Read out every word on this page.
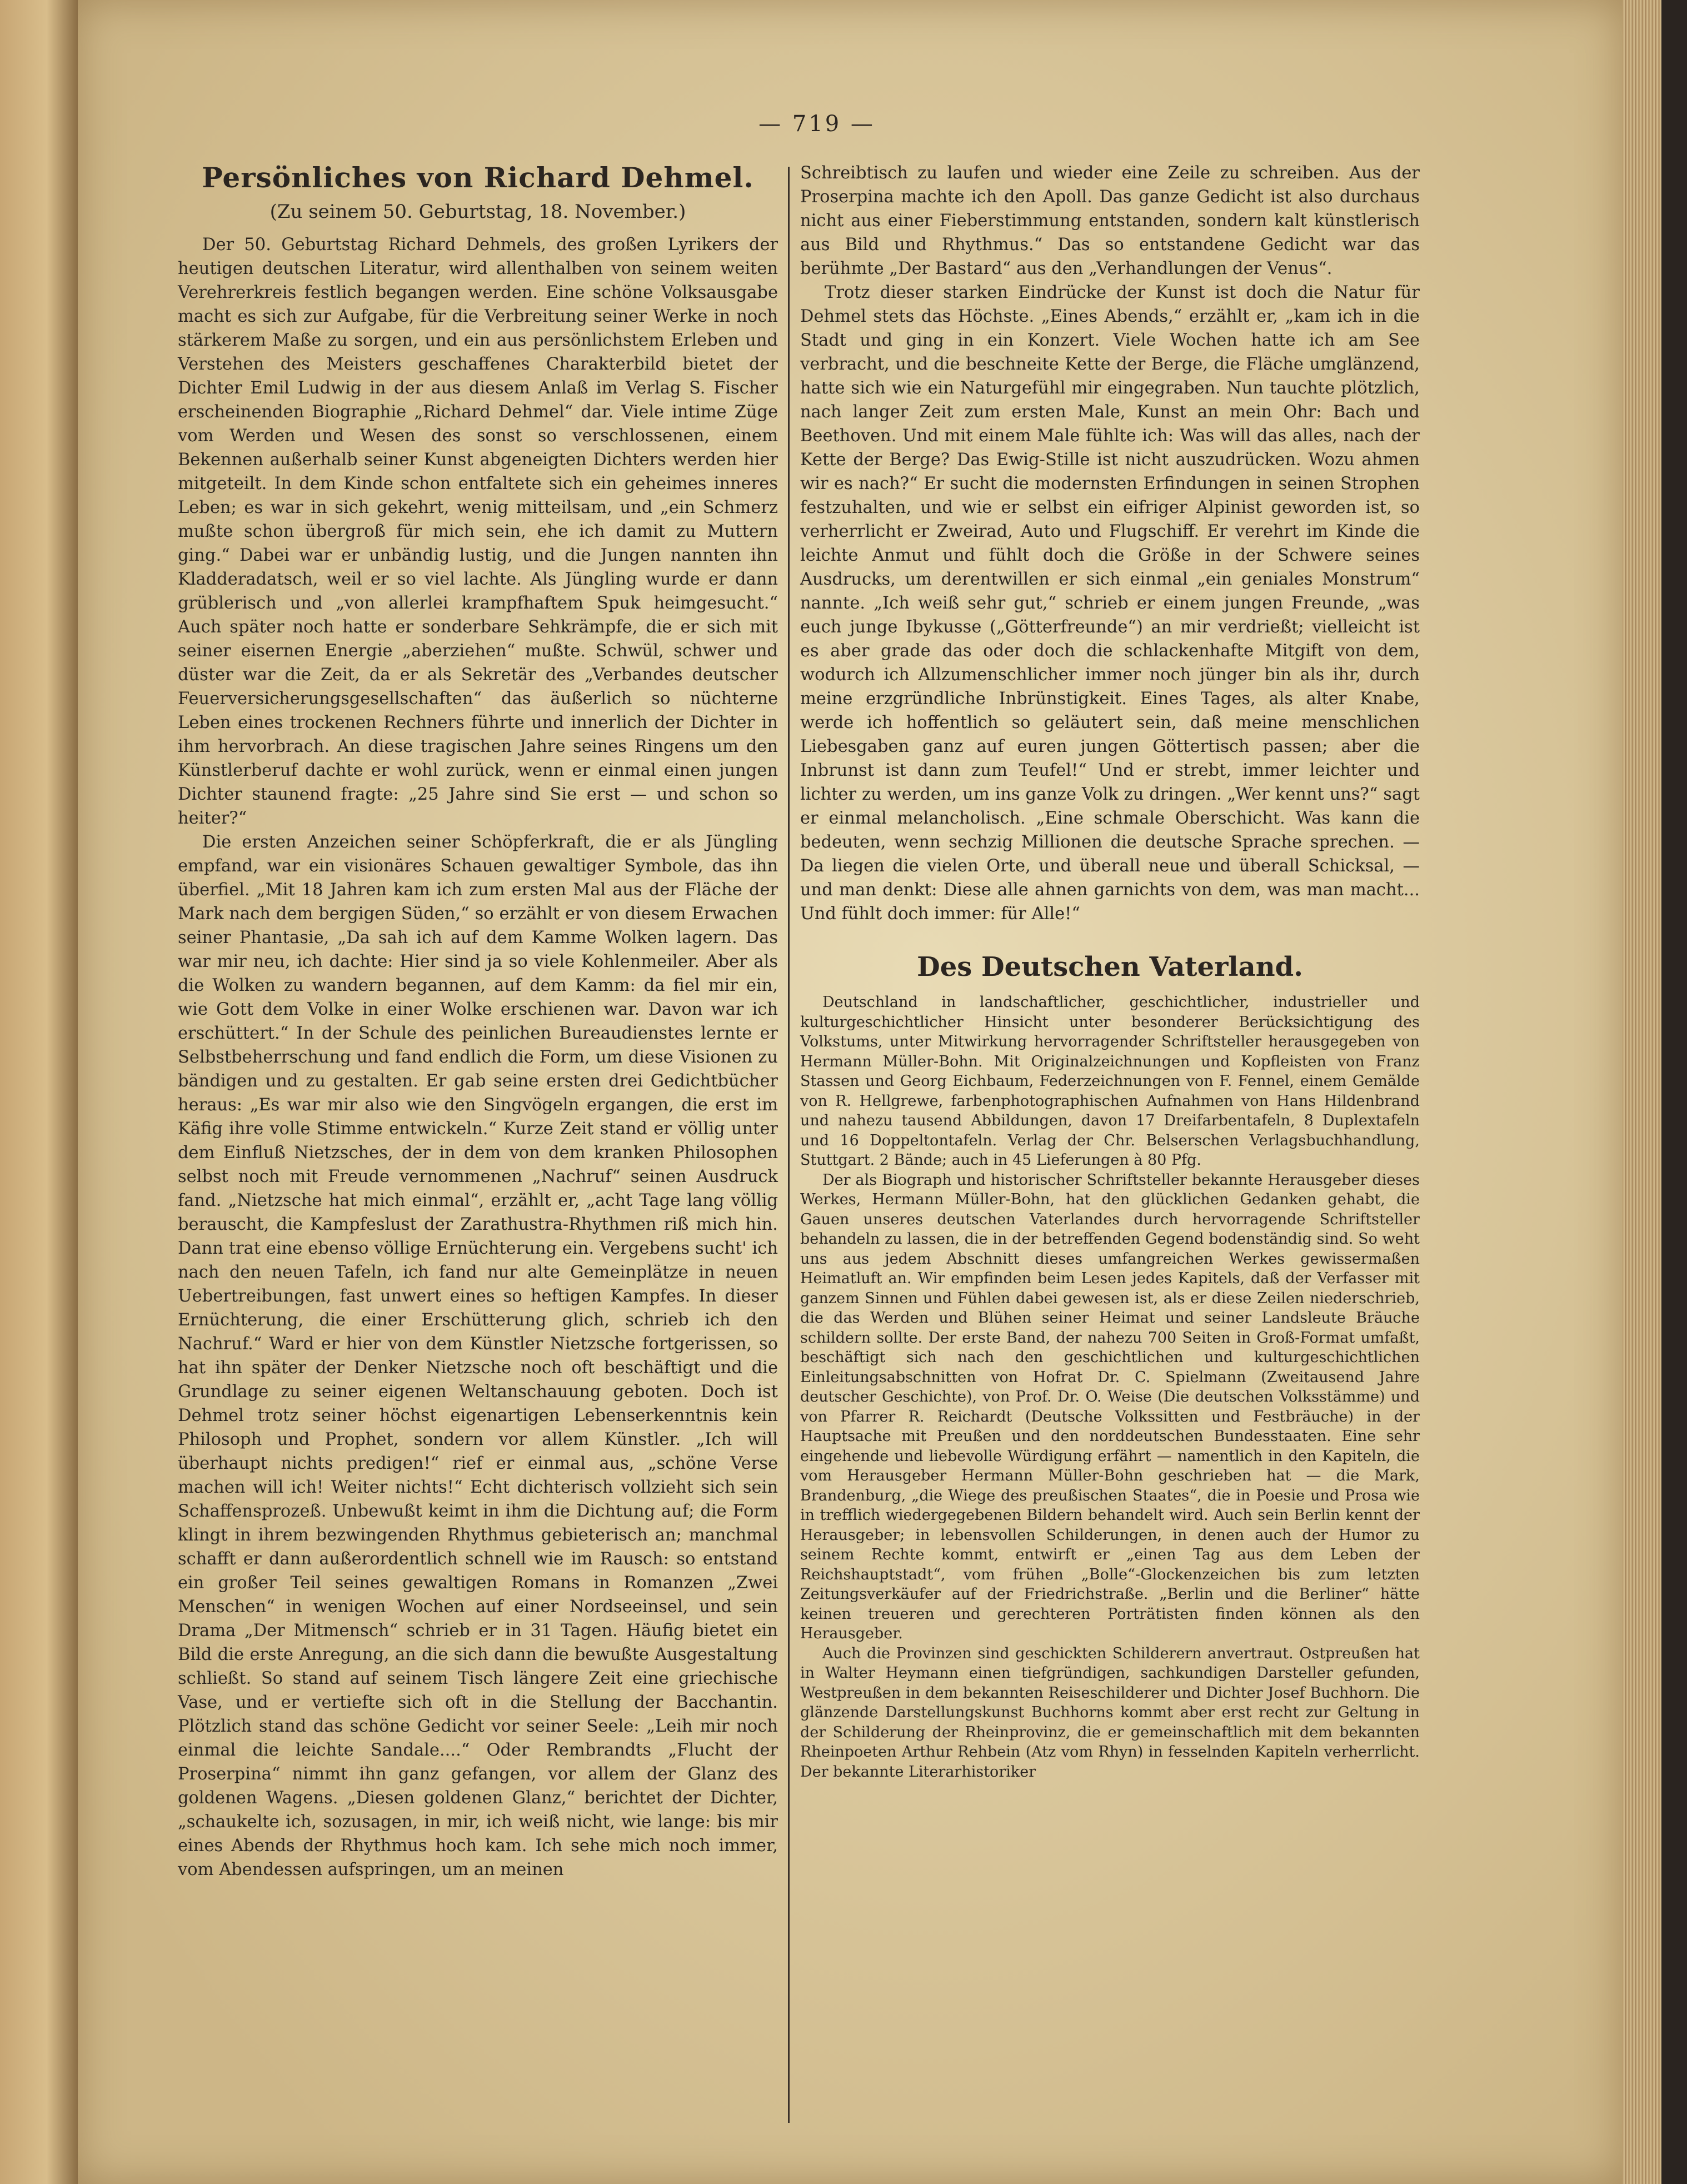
— 719 —
Persönliches von Richard Dehmel.
(Zu seinem 50. Geburtstag, 18. November.)

Der 50. Geburtstag Richard Dehmels, des großen Lyrikers der heutigen deutschen Literatur, wird allenthalben von seinem weiten Verehrerkreis festlich begangen werden. Eine schöne Volksausgabe macht es sich zur Aufgabe, für die Verbreitung seiner Werke in noch stärkerem Maße zu sorgen, und ein aus persönlichstem Erleben und Verstehen des Meisters geschaffenes Charakterbild bietet der Dichter Emil Ludwig in der aus diesem Anlaß im Verlag S. Fischer erscheinenden Biographie „Richard Dehmel“ dar. Viele intime Züge vom Werden und Wesen des sonst so verschlossenen, einem Bekennen außerhalb seiner Kunst abgeneigten Dichters werden hier mitgeteilt. In dem Kinde schon entfaltete sich ein geheimes inneres Leben; es war in sich gekehrt, wenig mitteilsam, und „ein Schmerz mußte schon übergroß für mich sein, ehe ich damit zu Muttern ging.“ Dabei war er unbändig lustig, und die Jungen nannten ihn Kladderadatsch, weil er so viel lachte. Als Jüngling wurde er dann grüblerisch und „von allerlei krampfhaftem Spuk heimgesucht.“ Auch später noch hatte er sonderbare Sehkrämpfe, die er sich mit seiner eisernen Energie „aberziehen“ mußte. Schwül, schwer und düster war die Zeit, da er als Sekretär des „Verbandes deutscher Feuerversicherungsgesellschaften“ das äußerlich so nüchterne Leben eines trockenen Rechners führte und innerlich der Dichter in ihm hervorbrach. An diese tragischen Jahre seines Ringens um den Künstlerberuf dachte er wohl zurück, wenn er einmal einen jungen Dichter staunend fragte: „25 Jahre sind Sie erst — und schon so heiter?“

Die ersten Anzeichen seiner Schöpferkraft, die er als Jüngling empfand, war ein visionäres Schauen gewaltiger Symbole, das ihn überfiel. „Mit 18 Jahren kam ich zum ersten Mal aus der Fläche der Mark nach dem bergigen Süden,“ so erzählt er von diesem Erwachen seiner Phantasie, „Da sah ich auf dem Kamme Wolken lagern. Das war mir neu, ich dachte: Hier sind ja so viele Kohlenmeiler. Aber als die Wolken zu wandern begannen, auf dem Kamm: da fiel mir ein, wie Gott dem Volke in einer Wolke erschienen war. Davon war ich erschüttert.“ In der Schule des peinlichen Bureaudienstes lernte er Selbstbeherrschung und fand endlich die Form, um diese Visionen zu bändigen und zu gestalten. Er gab seine ersten drei Gedichtbücher heraus: „Es war mir also wie den Singvögeln ergangen, die erst im Käfig ihre volle Stimme entwickeln.“ Kurze Zeit stand er völlig unter dem Einfluß Nietzsches, der in dem von dem kranken Philosophen selbst noch mit Freude vernommenen „Nachruf“ seinen Ausdruck fand. „Nietzsche hat mich einmal“, erzählt er, „acht Tage lang völlig berauscht, die Kampfeslust der Zarathustra-Rhythmen riß mich hin. Dann trat eine ebenso völlige Ernüchterung ein. Vergebens sucht' ich nach den neuen Tafeln, ich fand nur alte Gemeinplätze in neuen Uebertreibungen, fast unwert eines so heftigen Kampfes. In dieser Ernüchterung, die einer Erschütterung glich, schrieb ich den Nachruf.“ Ward er hier von dem Künstler Nietzsche fortgerissen, so hat ihn später der Denker Nietzsche noch oft beschäftigt und die Grundlage zu seiner eigenen Weltanschauung geboten. Doch ist Dehmel trotz seiner höchst eigenartigen Lebenserkenntnis kein Philosoph und Prophet, sondern vor allem Künstler. „Ich will überhaupt nichts predigen!“ rief er einmal aus, „schöne Verse machen will ich! Weiter nichts!“ Echt dichterisch vollzieht sich sein Schaffensprozeß. Unbewußt keimt in ihm die Dichtung auf; die Form klingt in ihrem bezwingenden Rhythmus gebieterisch an; manchmal schafft er dann außerordentlich schnell wie im Rausch: so entstand ein großer Teil seines gewaltigen Romans in Romanzen „Zwei Menschen“ in wenigen Wochen auf einer Nordseeinsel, und sein Drama „Der Mitmensch“ schrieb er in 31 Tagen. Häufig bietet ein Bild die erste Anregung, an die sich dann die bewußte Ausgestaltung schließt. So stand auf seinem Tisch längere Zeit eine griechische Vase, und er vertiefte sich oft in die Stellung der Bacchantin. Plötzlich stand das schöne Gedicht vor seiner Seele: „Leih mir noch einmal die leichte Sandale....“ Oder Rembrandts „Flucht der Proserpina“ nimmt ihn ganz gefangen, vor allem der Glanz des goldenen Wagens. „Diesen goldenen Glanz,“ berichtet der Dichter, „schaukelte ich, sozusagen, in mir, ich weiß nicht, wie lange: bis mir eines Abends der Rhythmus hoch kam. Ich sehe mich noch immer, vom Abendessen aufspringen, um an meinen

Schreibtisch zu laufen und wieder eine Zeile zu schreiben. Aus der Proserpina machte ich den Apoll. Das ganze Gedicht ist also durchaus nicht aus einer Fieberstimmung entstanden, sondern kalt künstlerisch aus Bild und Rhythmus.“ Das so entstandene Gedicht war das berühmte „Der Bastard“ aus den „Verhandlungen der Venus“.

Trotz dieser starken Eindrücke der Kunst ist doch die Natur für Dehmel stets das Höchste. „Eines Abends,“ erzählt er, „kam ich in die Stadt und ging in ein Konzert. Viele Wochen hatte ich am See verbracht, und die beschneite Kette der Berge, die Fläche umglänzend, hatte sich wie ein Naturgefühl mir eingegraben. Nun tauchte plötzlich, nach langer Zeit zum ersten Male, Kunst an mein Ohr: Bach und Beethoven. Und mit einem Male fühlte ich: Was will das alles, nach der Kette der Berge? Das Ewig-Stille ist nicht auszudrücken. Wozu ahmen wir es nach?“ Er sucht die modernsten Erfindungen in seinen Strophen festzuhalten, und wie er selbst ein eifriger Alpinist geworden ist, so verherrlicht er Zweirad, Auto und Flugschiff. Er verehrt im Kinde die leichte Anmut und fühlt doch die Größe in der Schwere seines Ausdrucks, um derentwillen er sich einmal „ein geniales Monstrum“ nannte. „Ich weiß sehr gut,“ schrieb er einem jungen Freunde, „was euch junge Ibykusse („Götterfreunde“) an mir verdrießt; vielleicht ist es aber grade das oder doch die schlackenhafte Mitgift von dem, wodurch ich Allzumenschlicher immer noch jünger bin als ihr, durch meine erzgründliche Inbrünstigkeit. Eines Tages, als alter Knabe, werde ich hoffentlich so geläutert sein, daß meine menschlichen Liebesgaben ganz auf euren jungen Göttertisch passen; aber die Inbrunst ist dann zum Teufel!“ Und er strebt, immer leichter und lichter zu werden, um ins ganze Volk zu dringen. „Wer kennt uns?“ sagt er einmal melancholisch. „Eine schmale Oberschicht. Was kann die bedeuten, wenn sechzig Millionen die deutsche Sprache sprechen. — Da liegen die vielen Orte, und überall neue und überall Schicksal, — und man denkt: Diese alle ahnen garnichts von dem, was man macht... Und fühlt doch immer: für Alle!“

Des Deutschen Vaterland.

Deutschland in landschaftlicher, geschichtlicher, industrieller und kulturgeschichtlicher Hinsicht unter besonderer Berücksichtigung des Volkstums, unter Mitwirkung hervorragender Schriftsteller herausgegeben von Hermann Müller-Bohn. Mit Originalzeichnungen und Kopfleisten von Franz Stassen und Georg Eichbaum, Federzeichnungen von F. Fennel, einem Gemälde von R. Hellgrewe, farbenphotographischen Aufnahmen von Hans Hildenbrand und nahezu tausend Abbildungen, davon 17 Dreifarbentafeln, 8 Duplextafeln und 16 Doppeltontafeln. Verlag der Chr. Belserschen Verlagsbuchhandlung, Stuttgart. 2 Bände; auch in 45 Lieferungen à 80 Pfg.

Der als Biograph und historischer Schriftsteller bekannte Herausgeber dieses Werkes, Hermann Müller-Bohn, hat den glücklichen Gedanken gehabt, die Gauen unseres deutschen Vaterlandes durch hervorragende Schriftsteller behandeln zu lassen, die in der betreffenden Gegend bodenständig sind. So weht uns aus jedem Abschnitt dieses umfangreichen Werkes gewissermaßen Heimatluft an. Wir empfinden beim Lesen jedes Kapitels, daß der Verfasser mit ganzem Sinnen und Fühlen dabei gewesen ist, als er diese Zeilen niederschrieb, die das Werden und Blühen seiner Heimat und seiner Landsleute Bräuche schildern sollte. Der erste Band, der nahezu 700 Seiten in Groß-Format umfaßt, beschäftigt sich nach den geschichtlichen und kulturgeschichtlichen Einleitungsabschnitten von Hofrat Dr. C. Spielmann (Zweitausend Jahre deutscher Geschichte), von Prof. Dr. O. Weise (Die deutschen Volksstämme) und von Pfarrer R. Reichardt (Deutsche Volkssitten und Festbräuche) in der Hauptsache mit Preußen und den norddeutschen Bundesstaaten. Eine sehr eingehende und liebevolle Würdigung erfährt — namentlich in den Kapiteln, die vom Herausgeber Hermann Müller-Bohn geschrieben hat — die Mark, Brandenburg, „die Wiege des preußischen Staates“, die in Poesie und Prosa wie in trefflich wiedergegebenen Bildern behandelt wird. Auch sein Berlin kennt der Herausgeber; in lebensvollen Schilderungen, in denen auch der Humor zu seinem Rechte kommt, entwirft er „einen Tag aus dem Leben der Reichshauptstadt“, vom frühen „Bolle“-Glockenzeichen bis zum letzten Zeitungsverkäufer auf der Friedrichstraße. „Berlin und die Berliner“ hätte keinen treueren und gerechteren Porträtisten finden können als den Herausgeber.

Auch die Provinzen sind geschickten Schilderern anvertraut. Ostpreußen hat in Walter Heymann einen tiefgründigen, sachkundigen Darsteller gefunden, Westpreußen in dem bekannten Reiseschilderer und Dichter Josef Buchhorn. Die glänzende Darstellungskunst Buchhorns kommt aber erst recht zur Geltung in der Schilderung der Rheinprovinz, die er gemeinschaftlich mit dem bekannten Rheinpoeten Arthur Rehbein (Atz vom Rhyn) in fesselnden Kapiteln verherrlicht. Der bekannte Literarhistoriker
